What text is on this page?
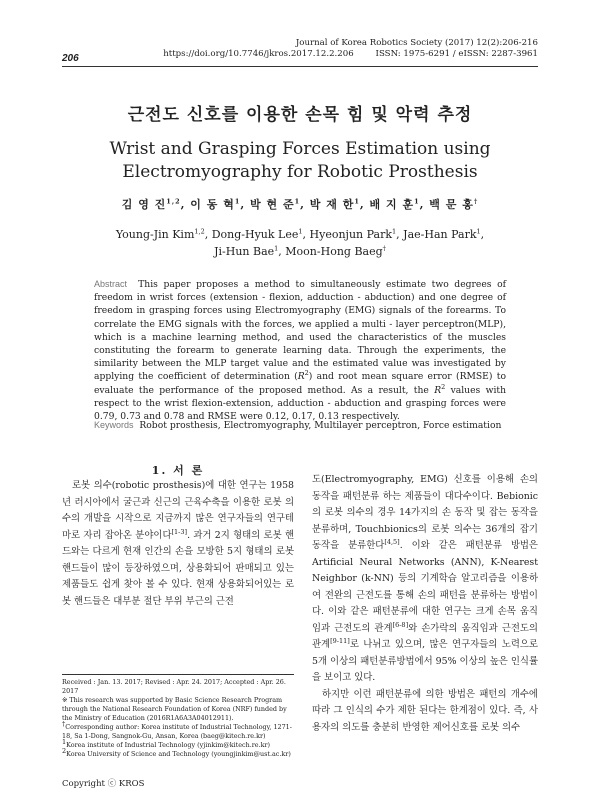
Journal of Korea Robotics Society (2017) 12(2):206-216
https://doi.org/10.7746/jkros.2017.12.2.206        ISSN: 1975-6291 / eISSN: 2287-3961
206
근전도 신호를 이용한 손목 힘 및 악력 추정
Wrist and Grasping Forces Estimation using
Electromyography for Robotic Prosthesis
김 영 진$^{1,2}$, 이 동 혁$^1$, 박 현 준$^1$, 박 재 한$^1$, 배 지 훈$^1$, 백 문 홍†
Young-Jin Kim$^{1,2}$, Dong-Hyuk Lee$^1$, Hyeonjun Park$^1$, Jae-Han Park$^1$,
Ji-Hun Bae$^1$, Moon-Hong Baeg†
Abstract This paper proposes a method to simultaneously estimate two degrees of freedom in wrist forces (extension - flexion, adduction - abduction) and one degree of freedom in grasping forces using Electromyography (EMG) signals of the forearms. To correlate the EMG signals with the forces, we applied a multi - layer perceptron(MLP), which is a machine learning method, and used the characteristics of the muscles constituting the forearm to generate learning data. Through the experiments, the similarity between the MLP target value and the estimated value was investigated by applying the coefficient of determination $(R^2)$ and root mean square error (RMSE) to evaluate the performance of the proposed method. As a result, the $R^2$ values with respect to the wrist flexion-extension, adduction - abduction and grasping forces were 0.79, 0.73 and 0.78 and RMSE were 0.12, 0.17, 0.13 respectively.
Keywords Robot prosthesis, Electromyography, Multilayer perceptron, Force estimation
1. 서 론

로봇 의수(robotic prosthesis)에 대한 연구는 1958년 러시아에서 굴근과 신근의 근육수축을 이용한 로봇 의수의 개발을 시작으로 지금까지 많은 연구자들의 연구테마로 자리 잡아온 분야이다[1-3]. 과거 2지 형태의 로봇 핸드와는 다르게 현재 인간의 손을 모방한 5지 형태의 로봇 핸드들이 많이 등장하였으며, 상용화되어 판매되고 있는 제품들도 쉽게 찾아 볼 수 있다. 현재 상용화되어있는 로봇 핸드들은 대부분 절단 부위 부근의 근전

도(Electromyography, EMG) 신호를 이용해 손의 동작을 패턴분류 하는 제품들이 대다수이다. Bebionic의 로봇 의수의 경우 14가지의 손 동작 및 잡는 동작을 분류하며, Touchbionics의 로봇 의수는 36개의 잡기 동작을 분류한다[4,5]. 이와 같은 패턴분류 방법은 Artificial Neural Networks (ANN), K-Nearest Neighbor (k-NN) 등의 기계학습 알고리즘을 이용하여 전완의 근전도를 통해 손의 패턴을 분류하는 방법이다. 이와 같은 패턴분류에 대한 연구는 크게 손목 움직임과 근전도의 관계[6-8]와 손가락의 움직임과 근전도의 관계[9-11]로 나뉘고 있으며, 많은 연구자들의 노력으로 5개 이상의 패턴분류방법에서 95% 이상의 높은 인식률을 보이고 있다.

하지만 이런 패턴분류에 의한 방법은 패턴의 개수에 따라 그 인식의 수가 제한 된다는 한계점이 있다. 즉, 사용자의 의도를 충분히 반영한 제어신호를 로봇 의수

Received : Jan. 13. 2017; Revised : Apr. 24. 2017; Accepted : Apr. 26. 2017
※ This research was supported by Basic Science Research Program through the National Research Foundation of Korea (NRF) funded by the Ministry of Education (2016R1A6A3A04012911).
†Corresponding author: Korea institute of Industrial Technology, 1271-18, Sa 1-Dong, Sangnok-Gu, Ansan, Korea (baeg@kitech.re.kr)
$^1$Korea institute of Industrial Technology (yjinkim@kitech.re.kr)
$^2$Korea University of Science and Technology (youngjinkim@ust.ac.kr)
Copyright ⓒ KROS
